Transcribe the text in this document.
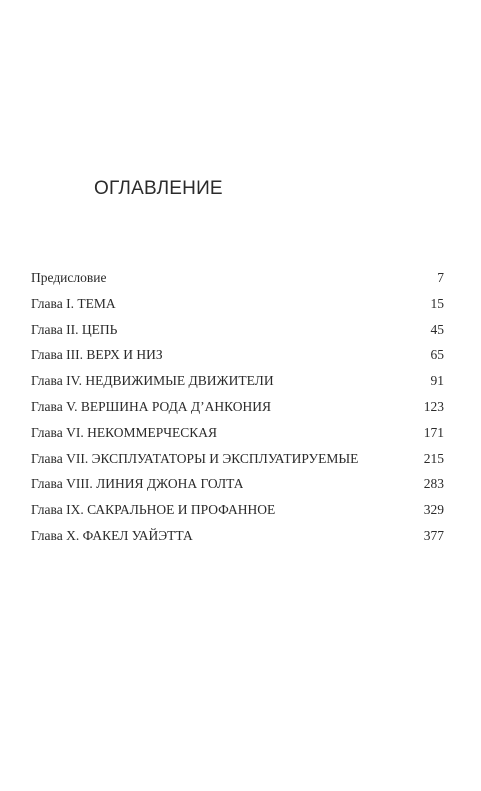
ОГЛАВЛЕНИЕ
Предисловие	7
Глава I. ТЕМА	15
Глава II. ЦЕПЬ	45
Глава III. ВЕРХ И НИЗ	65
Глава IV. НЕДВИЖИМЫЕ ДВИЖИТЕЛИ	91
Глава V. ВЕРШИНА РОДА Д’АНКОНИЯ	123
Глава VI. НЕКОММЕРЧЕСКАЯ	171
Глава VII. ЭКСПЛУАТАТОРЫ И ЭКСПЛУАТИРУЕМЫЕ	215
Глава VIII. ЛИНИЯ ДЖОНА ГОЛТА	283
Глава IX. САКРАЛЬНОЕ И ПРОФАННОЕ	329
Глава X. ФАКЕЛ УАЙЭТТА	377
